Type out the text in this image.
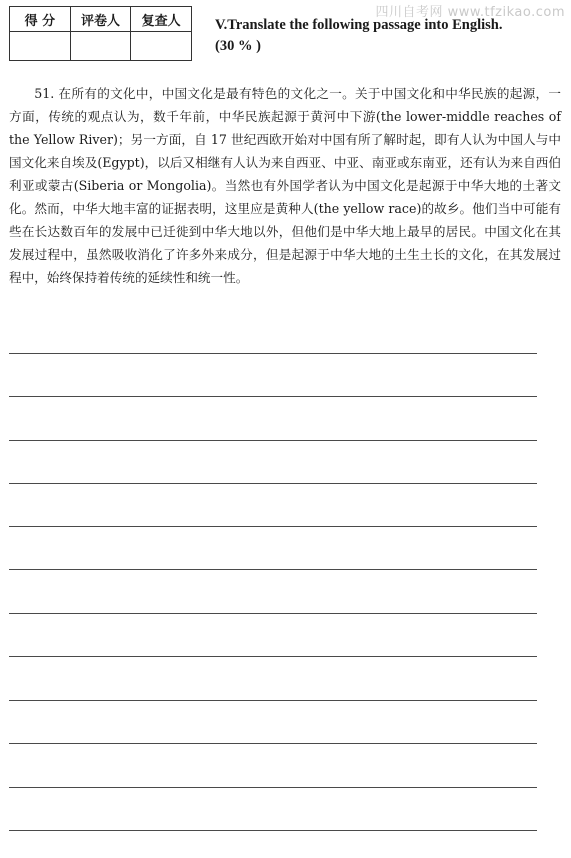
四川自考网 www.tfzikao.com
得 分	评卷人	复查人
		V.Translate the following passage into English.
(30 % )

51. 在所有的文化中，中国文化是最有特色的文化之一。关于中国文化和中华民族的起源，一方面，传统的观点认为，数千年前，中华民族起源于黄河中下游(the lower-middle reaches of the Yellow River)；另一方面，自 17 世纪西欧开始对中国有所了解时起，即有人认为中国人与中国文化来自埃及(Egypt)，以后又相继有人认为来自西亚、中亚、南亚或东南亚，还有认为来自西伯利亚或蒙古(Siberia or Mongolia)。当然也有外国学者认为中国文化是起源于中华大地的土著文化。然而，中华大地丰富的证据表明，这里应是黄种人(the yellow race)的故乡。他们当中可能有些在长达数百年的发展中已迁徙到中华大地以外，但他们是中华大地上最早的居民。中国文化在其发展过程中，虽然吸收消化了许多外来成分，但是起源于中华大地的土生土长的文化，在其发展过程中，始终保持着传统的延续性和统一性。
